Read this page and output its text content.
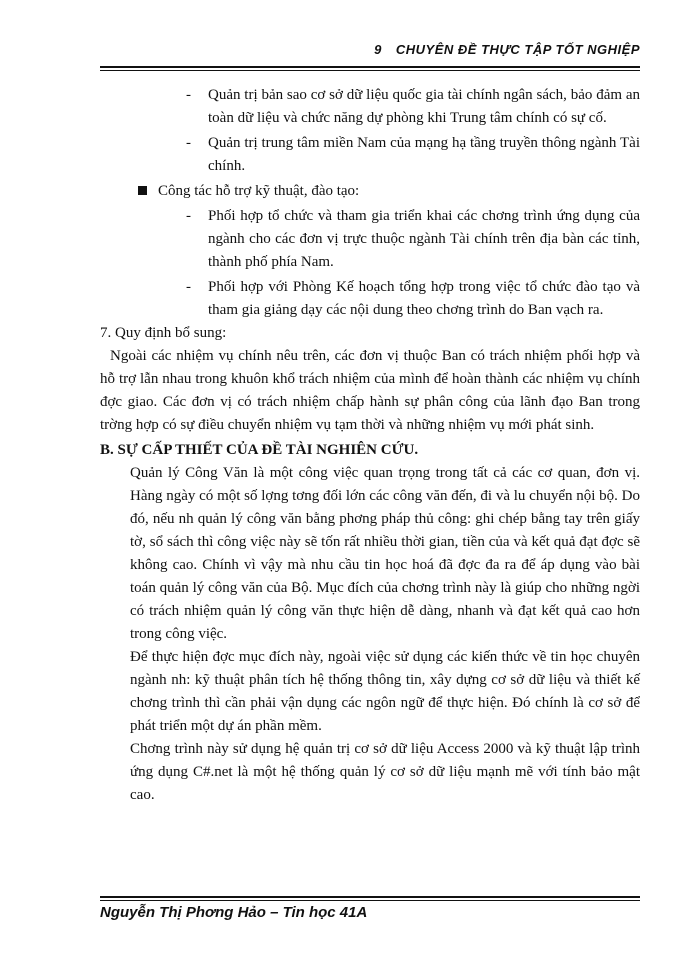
9 CHUYÊN ĐỀ THỰC TẬP TỐT NGHIỆP
- Quản trị bản sao cơ sở dữ liệu quốc gia tài chính ngân sách, bảo đảm an toàn dữ liệu và chức năng dự phòng khi Trung tâm chính có sự cố.
- Quản trị trung tâm miền Nam của mạng hạ tầng truyền thông ngành Tài chính.
Công tác hỗ trợ kỹ thuật, đào tạo:
- Phối hợp tổ chức và tham gia triển khai các chơng trình ứng dụng của ngành cho các đơn vị trực thuộc ngành Tài chính trên địa bàn các tỉnh, thành phố phía Nam.
- Phối hợp với Phòng Kế hoạch tổng hợp trong việc tổ chức đào tạo và tham gia giảng dạy các nội dung theo chơng trình do Ban vạch ra.
7. Quy định bổ sung:
Ngoài các nhiệm vụ chính nêu trên, các đơn vị thuộc Ban có trách nhiệm phối hợp và hỗ trợ lẫn nhau trong khuôn khổ trách nhiệm của mình để hoàn thành các nhiệm vụ chính đợc giao. Các đơn vị có trách nhiệm chấp hành sự phân công của lãnh đạo Ban trong trờng hợp có sự điều chuyển nhiệm vụ tạm thời và những nhiệm vụ mới phát sinh.
B. SỰ CẤP THIẾT CỦA ĐỀ TÀI NGHIÊN CỨU.
Quản lý Công Văn là một công việc quan trọng trong tất cả các cơ quan, đơn vị. Hàng ngày có một số lợng tơng đối lớn các công văn đến, đi và lu chuyển nội bộ. Do đó, nếu nh quản lý công văn bằng phơng pháp thủ công: ghi chép bằng tay trên giấy tờ, sổ sách thì công việc này sẽ tốn rất nhiều thời gian, tiền của và kết quả đạt đợc sẽ không cao. Chính vì vậy mà nhu cầu tin học hoá đã đợc đa ra để áp dụng vào bài toán quản lý công văn của Bộ. Mục đích của chơng trình này là giúp cho những ngời có trách nhiệm quản lý công văn thực hiện dễ dàng, nhanh và đạt kết quả cao hơn trong công việc.
Để thực hiện đợc mục đích này, ngoài việc sử dụng các kiến thức về tin học chuyên ngành nh: kỹ thuật phân tích hệ thống thông tin, xây dựng cơ sở dữ liệu và thiết kế chơng trình thì cần phải vận dụng các ngôn ngữ để thực hiện. Đó chính là cơ sở để phát triển một dự án phần mềm.
Chơng trình này sử dụng hệ quản trị cơ sở dữ liệu Access 2000 và kỹ thuật lập trình ứng dụng C#.net là một hệ thống quản lý cơ sở dữ liệu mạnh mẽ với tính bảo mật cao.
Nguyễn Thị Phơng Hảo – Tin học 41A
